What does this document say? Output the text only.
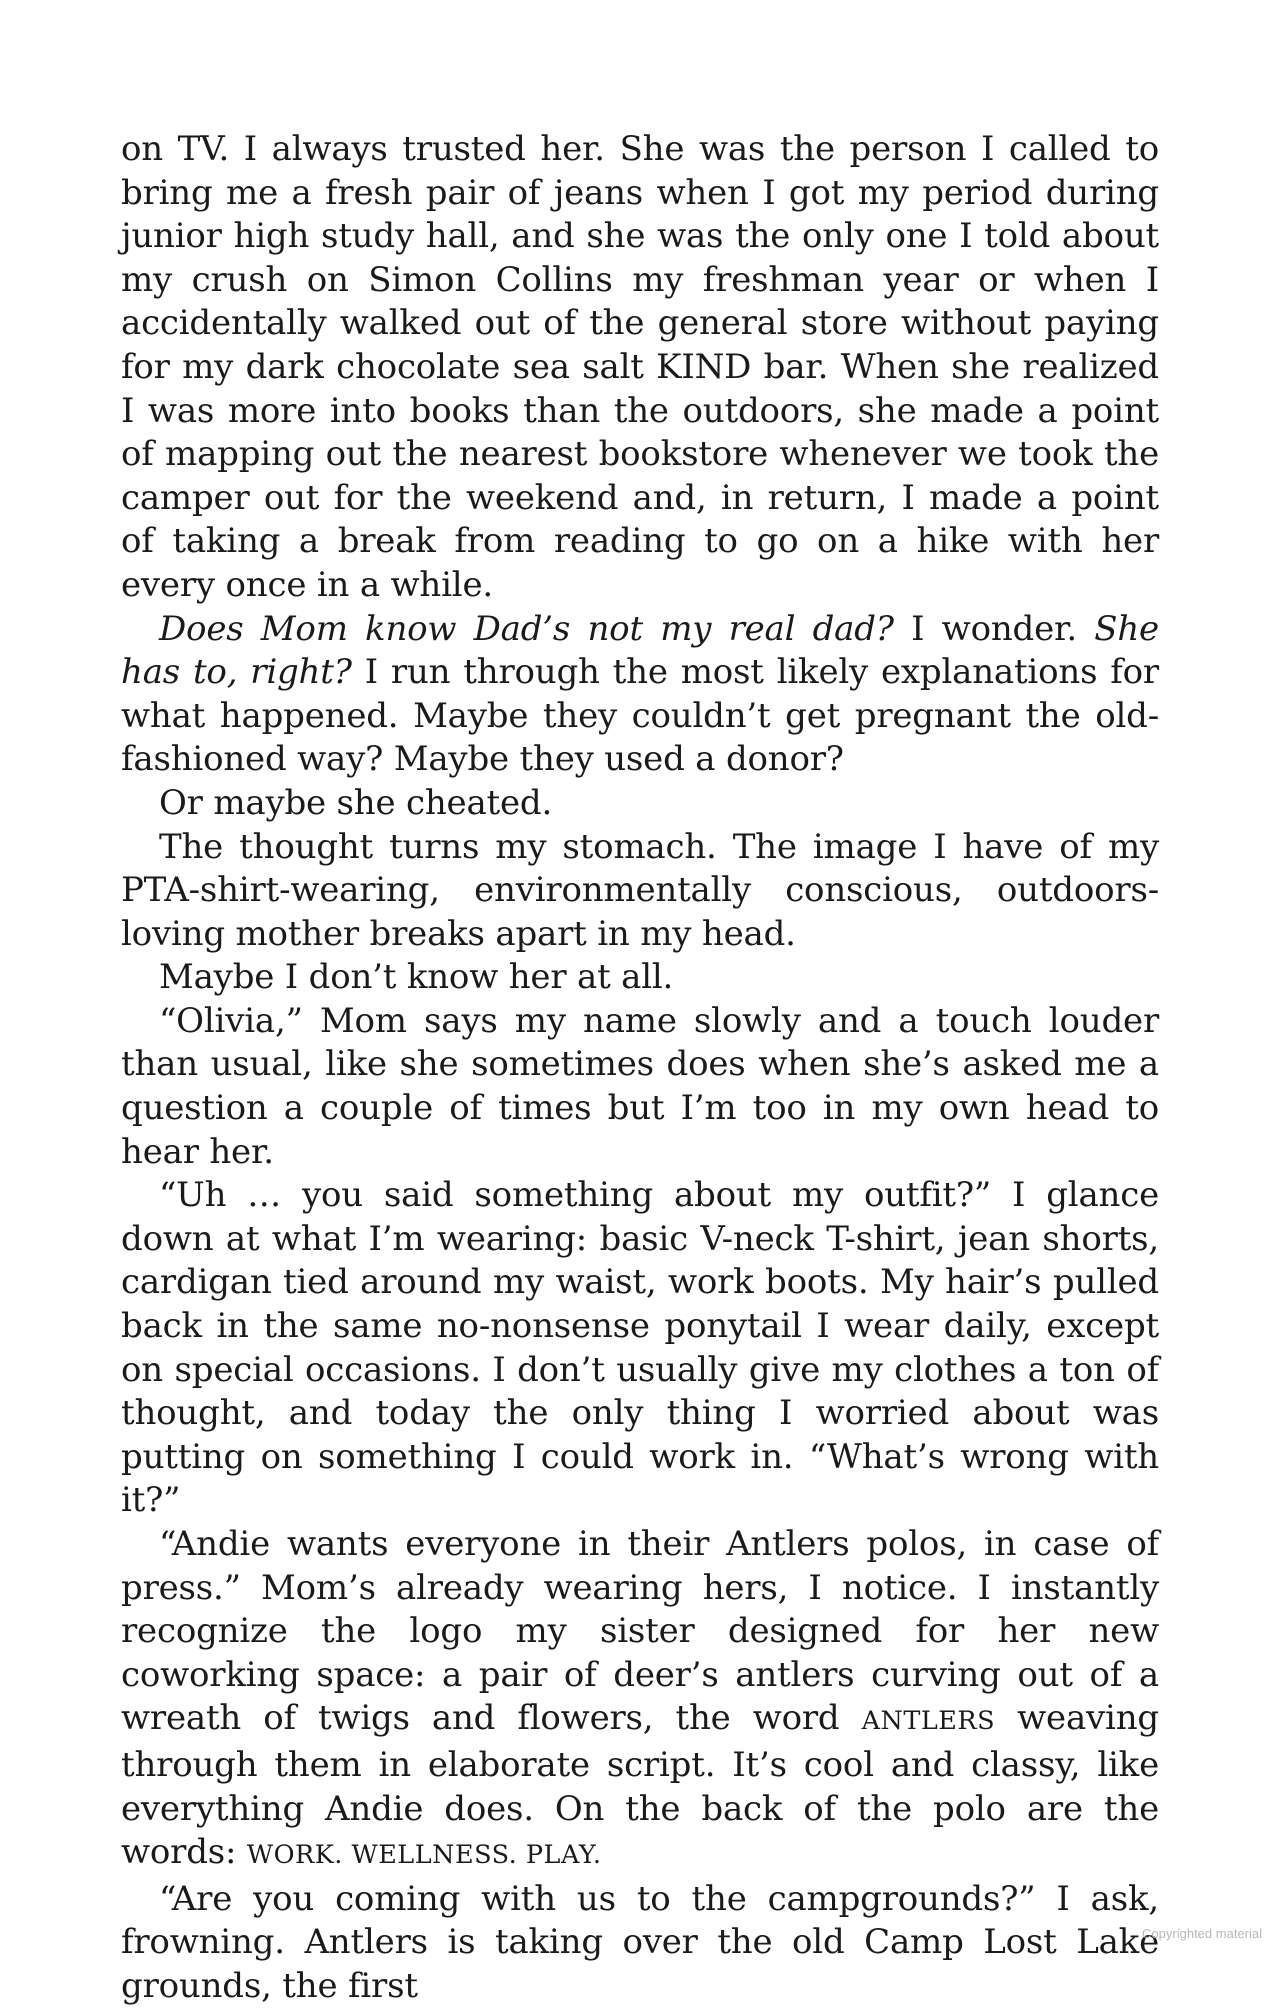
on TV. I always trusted her. She was the person I called to bring me a fresh pair of jeans when I got my period during junior high study hall, and she was the only one I told about my crush on Simon Collins my freshman year or when I accidentally walked out of the general store without paying for my dark chocolate sea salt KIND bar. When she realized I was more into books than the outdoors, she made a point of mapping out the nearest bookstore whenever we took the camper out for the weekend and, in return, I made a point of taking a break from reading to go on a hike with her every once in a while.

Does Mom know Dad’s not my real dad? I wonder. She has to, right? I run through the most likely explanations for what happened. Maybe they couldn’t get pregnant the old-fashioned way? Maybe they used a donor?

Or maybe she cheated.

The thought turns my stomach. The image I have of my PTA-shirt-wearing, environmentally conscious, outdoors-loving mother breaks apart in my head.

Maybe I don’t know her at all.

“Olivia,” Mom says my name slowly and a touch louder than usual, like she sometimes does when she’s asked me a question a couple of times but I’m too in my own head to hear her.

“Uh … you said something about my outfit?” I glance down at what I’m wearing: basic V-neck T-shirt, jean shorts, cardigan tied around my waist, work boots. My hair’s pulled back in the same no-nonsense ponytail I wear daily, except on special occasions. I don’t usually give my clothes a ton of thought, and today the only thing I worried about was putting on something I could work in. “What’s wrong with it?”

“Andie wants everyone in their Antlers polos, in case of press.” Mom’s already wearing hers, I notice. I instantly recognize the logo my sister designed for her new coworking space: a pair of deer’s antlers curving out of a wreath of twigs and flowers, the word ANTLERS weaving through them in elaborate script. It’s cool and classy, like everything Andie does. On the back of the polo are the words: WORK. WELLNESS. PLAY.

“Are you coming with us to the campgrounds?” I ask, frowning. Antlers is taking over the old Camp Lost Lake grounds, the first

Copyrighted material
